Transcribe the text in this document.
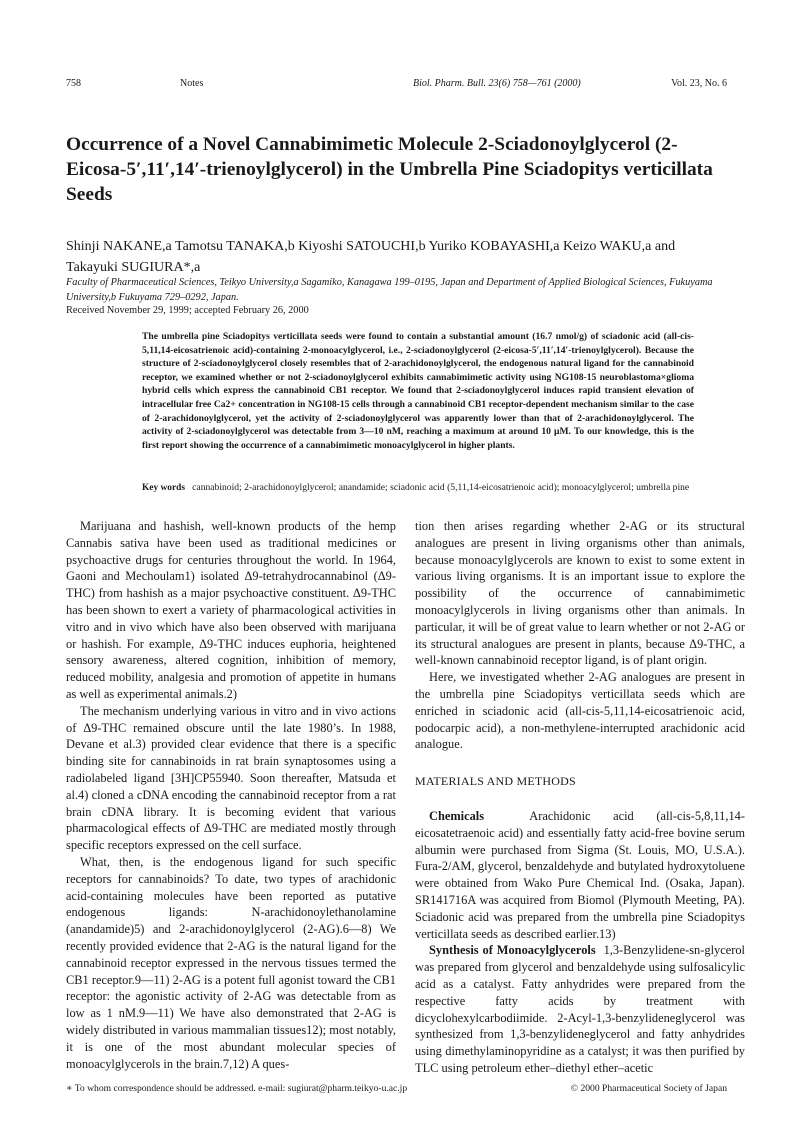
758	Notes	Biol. Pharm. Bull. 23(6) 758—761 (2000)	Vol. 23, No. 6
Occurrence of a Novel Cannabimimetic Molecule 2-Sciadonoylglycerol (2-Eicosa-5′,11′,14′-trienoylglycerol) in the Umbrella Pine Sciadopitys verticillata Seeds
Shinji NAKANE,a Tamotsu TANAKA,b Kiyoshi SATOUCHI,b Yuriko KOBAYASHI,a Keizo WAKU,a and Takayuki SUGIURA*,a
Faculty of Pharmaceutical Sciences, Teikyo University,a Sagamiko, Kanagawa 199–0195, Japan and Department of Applied Biological Sciences, Fukuyama University,b Fukuyama 729–0292, Japan.
Received November 29, 1999; accepted February 26, 2000
The umbrella pine Sciadopitys verticillata seeds were found to contain a substantial amount (16.7 nmol/g) of sciadonic acid (all-cis-5,11,14-eicosatrienoic acid)-containing 2-monoacylglycerol, i.e., 2-sciadonoylglycerol (2-eicosa-5′,11′,14′-trienoylglycerol). Because the structure of 2-sciadonoylglycerol closely resembles that of 2-arachidonoylglycerol, the endogenous natural ligand for the cannabinoid receptor, we examined whether or not 2-sciadonoylglycerol exhibits cannabimimetic activity using NG108-15 neuroblastoma×glioma hybrid cells which express the cannabinoid CB1 receptor. We found that 2-sciadonoylglycerol induces rapid transient elevation of intracellular free Ca2+ concentration in NG108-15 cells through a cannabinoid CB1 receptor-dependent mechanism similar to the case of 2-arachidonoylglycerol, yet the activity of 2-sciadonoylglycerol was apparently lower than that of 2-arachidonoylglycerol. The activity of 2-sciadonoylglycerol was detectable from 3—10 nM, reaching a maximum at around 10 μM. To our knowledge, this is the first report showing the occurrence of a cannabimimetic monoacylglycerol in higher plants.
Key words cannabinoid; 2-arachidonoylglycerol; anandamide; sciadonic acid (5,11,14-eicosatrienoic acid); monoacylglycerol; umbrella pine

Marijuana and hashish, well-known products of the hemp Cannabis sativa have been used as traditional medicines or psychoactive drugs for centuries throughout the world. In 1964, Gaoni and Mechoulam1) isolated Δ9-tetrahydrocannabinol (Δ9-THC) from hashish as a major psychoactive constituent. Δ9-THC has been shown to exert a variety of pharmacological activities in vitro and in vivo which have also been observed with marijuana or hashish. For example, Δ9-THC induces euphoria, heightened sensory awareness, altered cognition, inhibition of memory, reduced mobility, analgesia and promotion of appetite in humans as well as experimental animals.2)

The mechanism underlying various in vitro and in vivo actions of Δ9-THC remained obscure until the late 1980’s. In 1988, Devane et al.3) provided clear evidence that there is a specific binding site for cannabinoids in rat brain synaptosomes using a radiolabeled ligand [3H]CP55940. Soon thereafter, Matsuda et al.4) cloned a cDNA encoding the cannabinoid receptor from a rat brain cDNA library. It is becoming evident that various pharmacological effects of Δ9-THC are mediated mostly through specific receptors expressed on the cell surface.

What, then, is the endogenous ligand for such specific receptors for cannabinoids? To date, two types of arachidonic acid-containing molecules have been reported as putative endogenous ligands: N-arachidonoylethanolamine (anandamide)5) and 2-arachidonoylglycerol (2-AG).6—8) We recently provided evidence that 2-AG is the natural ligand for the cannabinoid receptor expressed in the nervous tissues termed the CB1 receptor.9—11) 2-AG is a potent full agonist toward the CB1 receptor: the agonistic activity of 2-AG was detectable from as low as 1 nM.9—11) We have also demonstrated that 2-AG is widely distributed in various mammalian tissues12); most notably, it is one of the most abundant molecular species of monoacylglycerols in the brain.7,12) A ques-

tion then arises regarding whether 2-AG or its structural analogues are present in living organisms other than animals, because monoacylglycerols are known to exist to some extent in various living organisms. It is an important issue to explore the possibility of the occurrence of cannabimimetic monoacylglycerols in living organisms other than animals. In particular, it will be of great value to learn whether or not 2-AG or its structural analogues are present in plants, because Δ9-THC, a well-known cannabinoid receptor ligand, is of plant origin.

Here, we investigated whether 2-AG analogues are present in the umbrella pine Sciadopitys verticillata seeds which are enriched in sciadonic acid (all-cis-5,11,14-eicosatrienoic acid, podocarpic acid), a non-methylene-interrupted arachidonic acid analogue.

MATERIALS AND METHODS

Chemicals	Arachidonic acid (all-cis-5,8,11,14-eicosatetraenoic acid) and essentially fatty acid-free bovine serum albumin were purchased from Sigma (St. Louis, MO, U.S.A.). Fura-2/AM, glycerol, benzaldehyde and butylated hydroxytoluene were obtained from Wako Pure Chemical Ind. (Osaka, Japan). SR141716A was acquired from Biomol (Plymouth Meeting, PA). Sciadonic acid was prepared from the umbrella pine Sciadopitys verticillata seeds as described earlier.13)

Synthesis of Monoacylglycerols 1,3-Benzylidene-sn-glycerol was prepared from glycerol and benzaldehyde using sulfosalicylic acid as a catalyst. Fatty anhydrides were prepared from the respective fatty acids by treatment with dicyclohexylcarbodiimide. 2-Acyl-1,3-benzylideneglycerol was synthesized from 1,3-benzylideneglycerol and fatty anhydrides using dimethylaminopyridine as a catalyst; it was then purified by TLC using petroleum ether–diethyl ether–acetic

∗ To whom correspondence should be addressed. e-mail: sugiurat@pharm.teikyo-u.ac.jp	© 2000 Pharmaceutical Society of Japan
